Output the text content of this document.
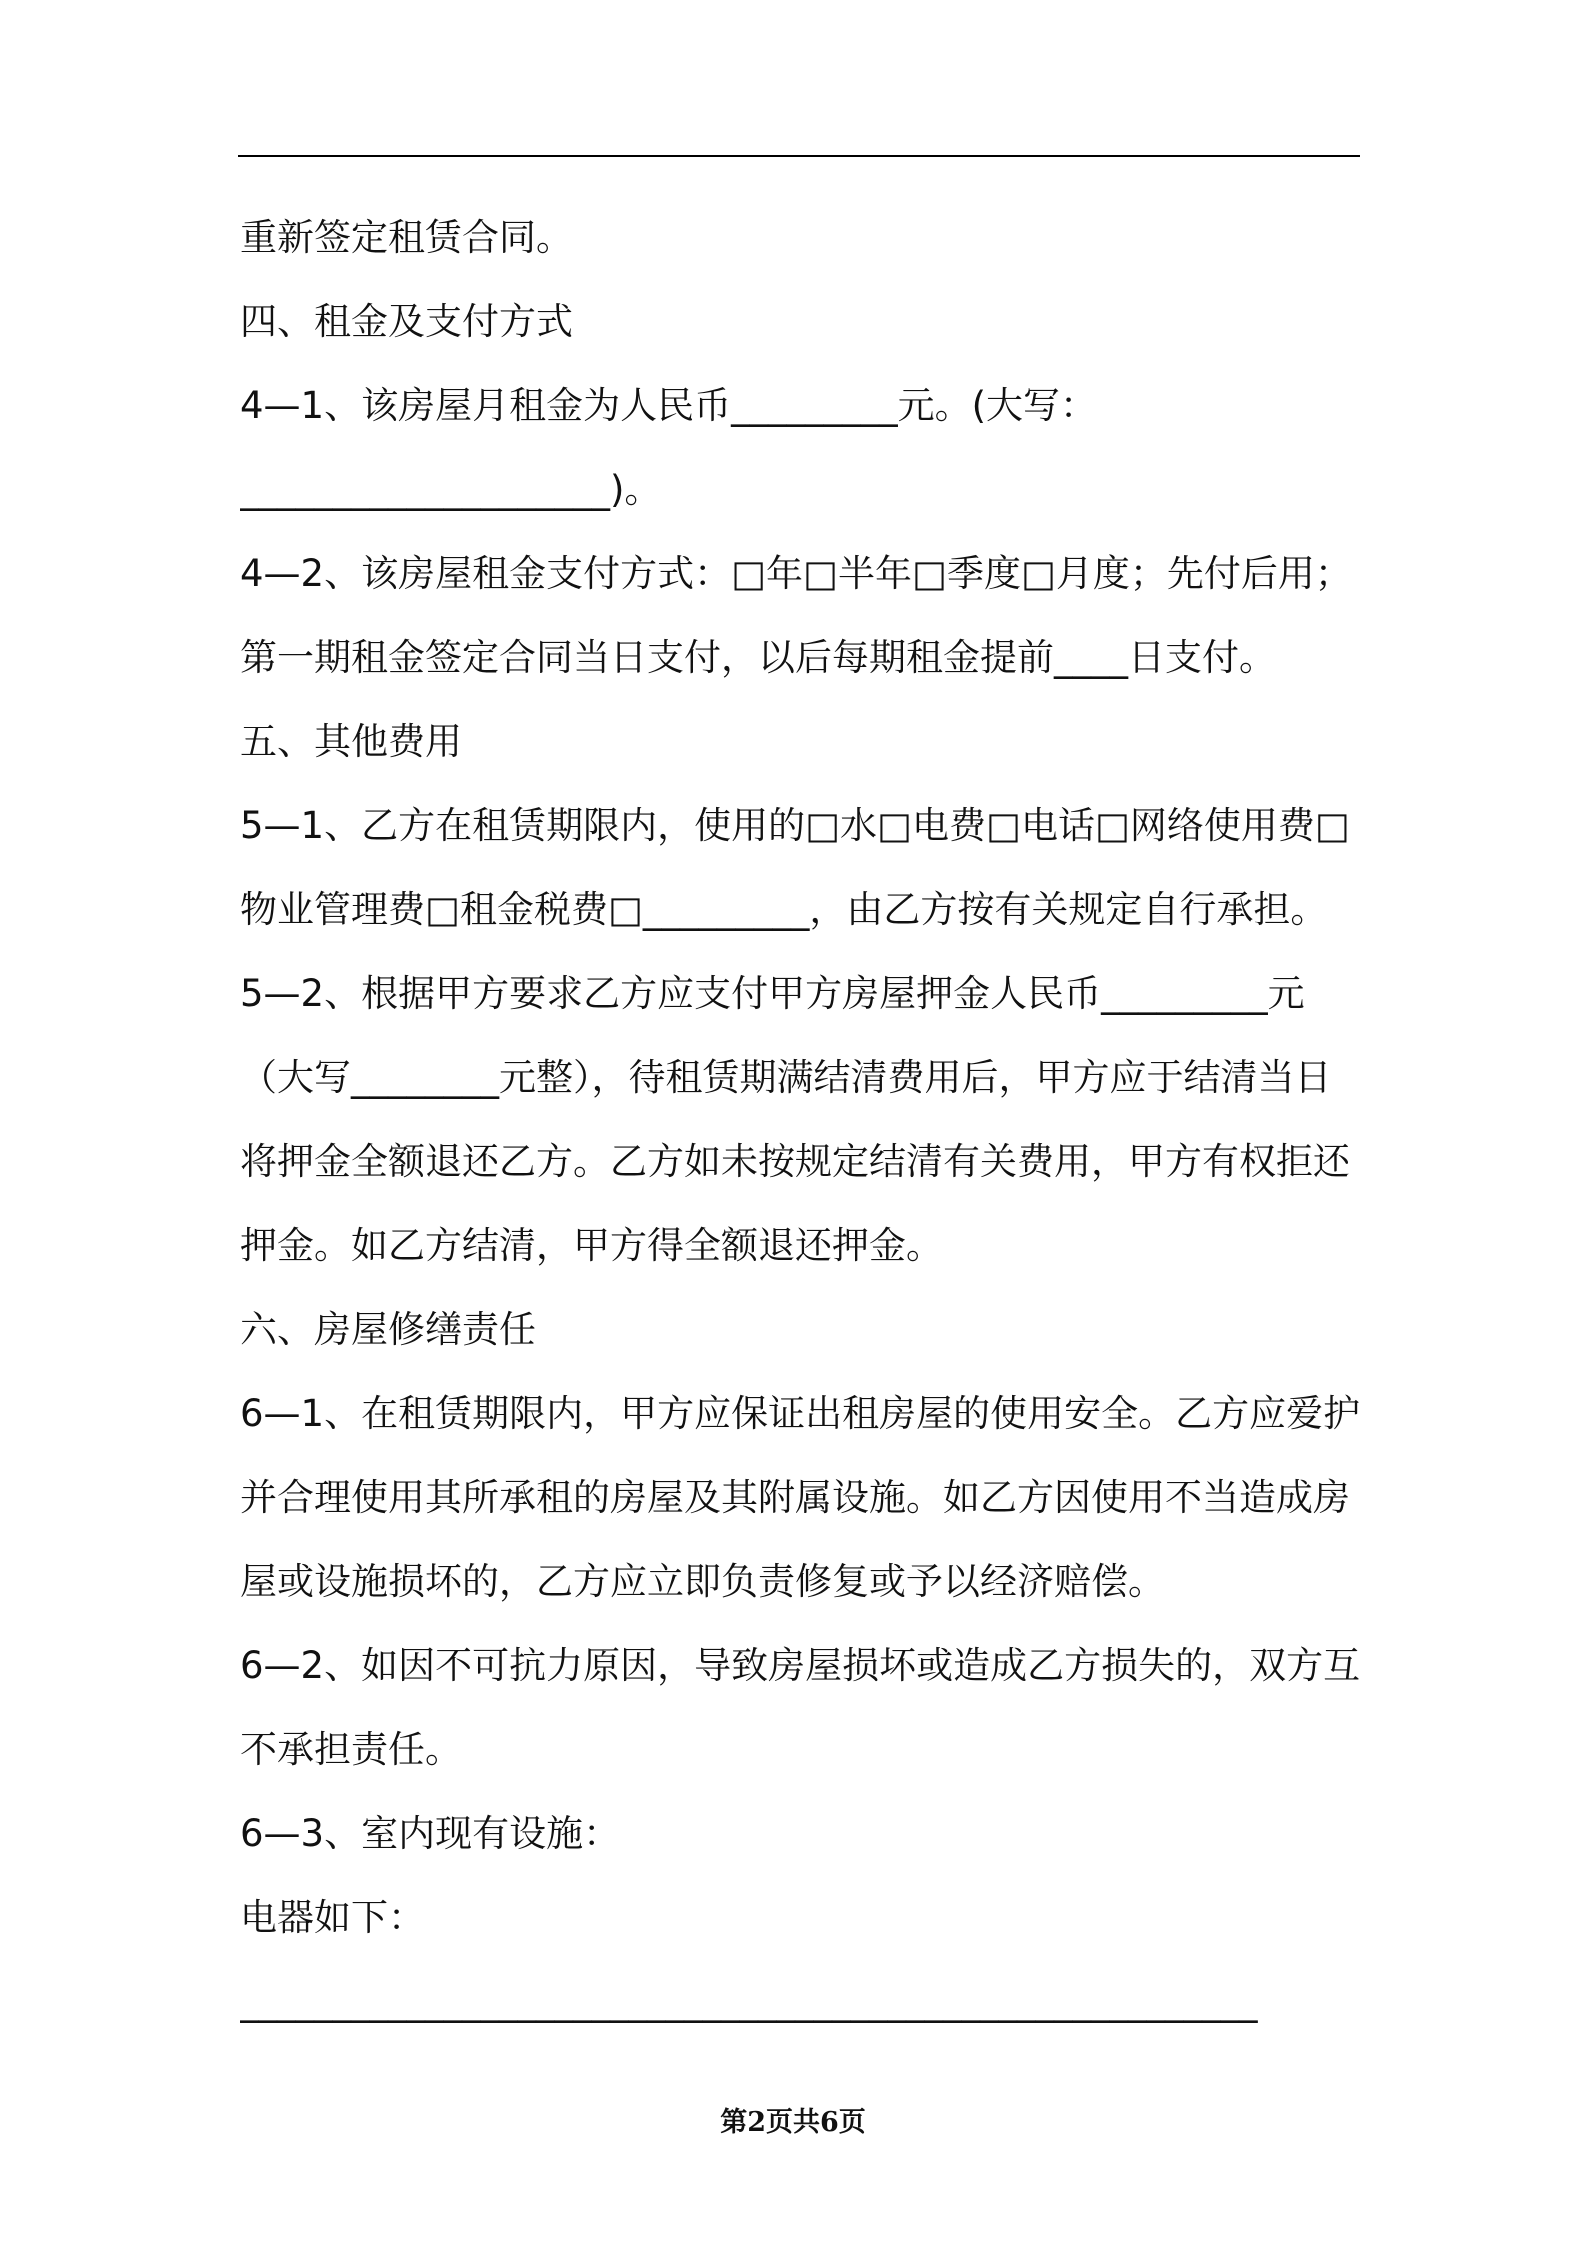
重新签定租赁合同。
四、租金及支付方式
4—1、该房屋月租金为人民币_________元。(大写：
____________________)。
4—2、该房屋租金支付方式：□年□半年□季度□月度；先付后用；
第一期租金签定合同当日支付，以后每期租金提前____日支付。
五、其他费用
5—1、乙方在租赁期限内，使用的□水□电费□电话□网络使用费□
物业管理费□租金税费□_________，由乙方按有关规定自行承担。
5—2、根据甲方要求乙方应支付甲方房屋押金人民币_________元
（大写________元整），待租赁期满结清费用后，甲方应于结清当日
将押金全额退还乙方。乙方如未按规定结清有关费用，甲方有权拒还
押金。如乙方结清，甲方得全额退还押金。
六、房屋修缮责任
6—1、在租赁期限内，甲方应保证出租房屋的使用安全。乙方应爱护
并合理使用其所承租的房屋及其附属设施。如乙方因使用不当造成房
屋或设施损坏的，乙方应立即负责修复或予以经济赔偿。
6—2、如因不可抗力原因，导致房屋损坏或造成乙方损失的，双方互
不承担责任。
6—3、室内现有设施：
电器如下：
_______________________________________________________
第2页共6页
